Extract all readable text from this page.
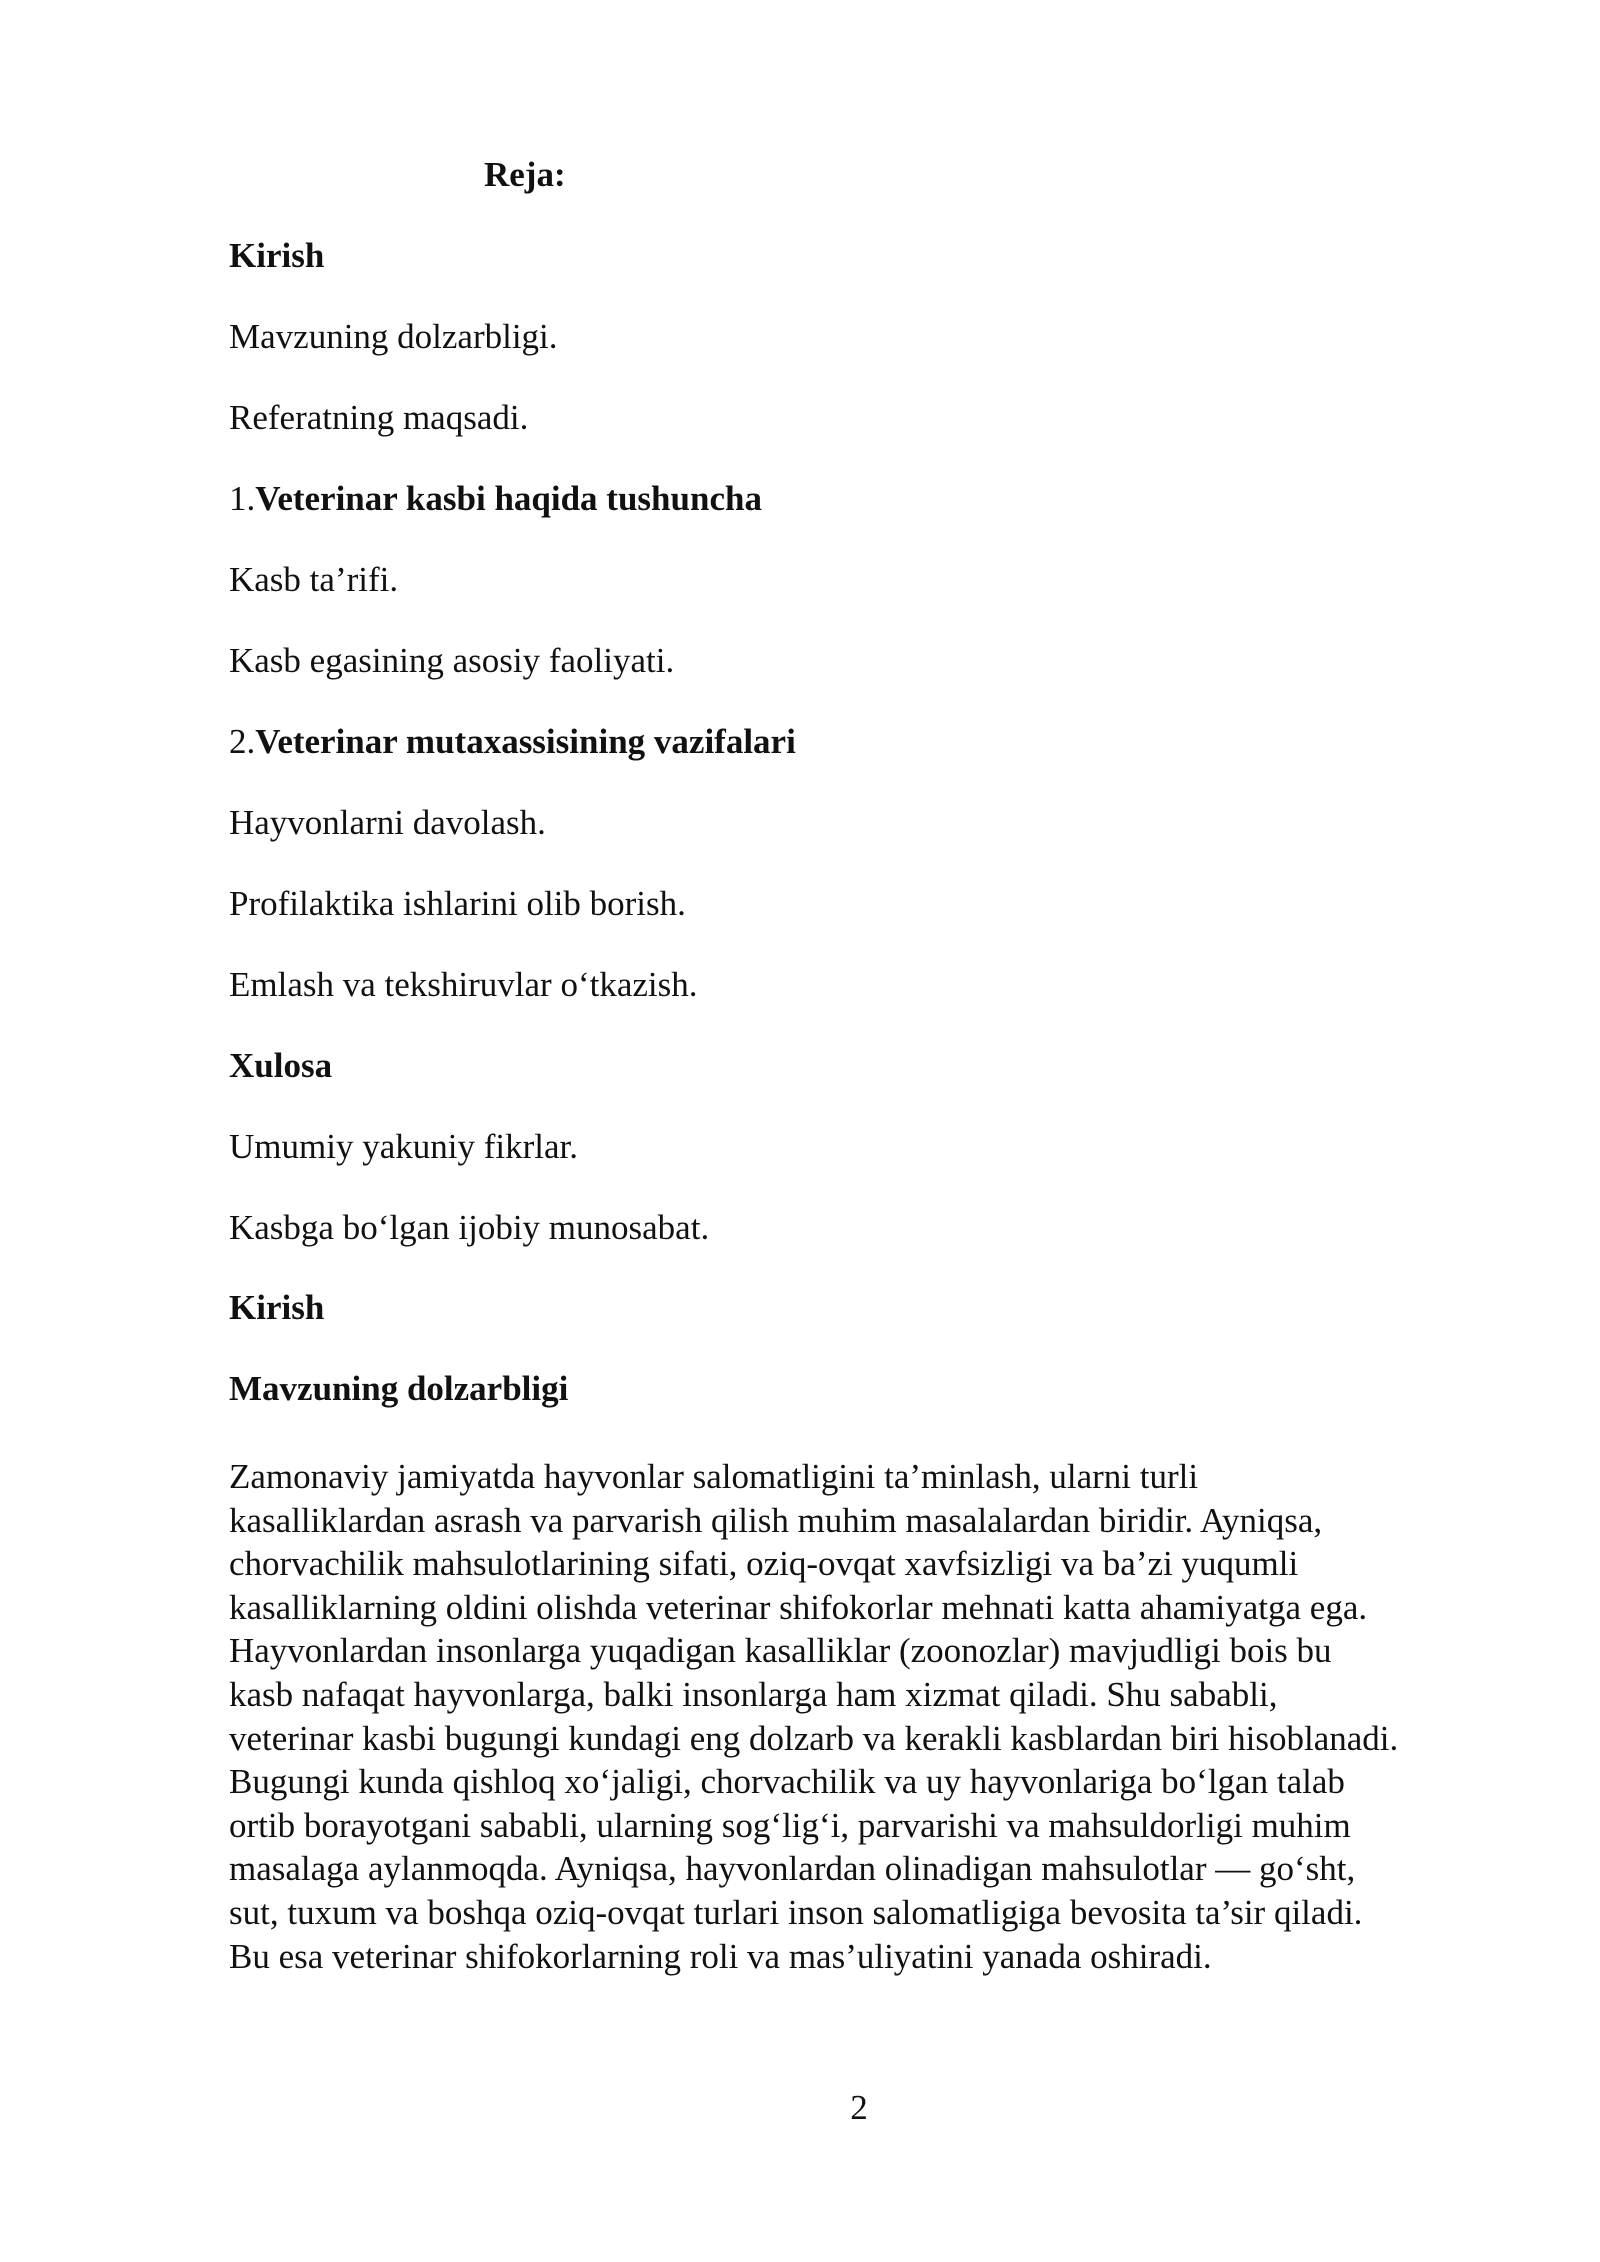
Reja:
Kirish
Mavzuning dolzarbligi.
Referatning maqsadi.
1.Veterinar kasbi haqida tushuncha
Kasb ta’rifi.
Kasb egasining asosiy faoliyati.
2.Veterinar mutaxassisining vazifalari
Hayvonlarni davolash.
Profilaktika ishlarini olib borish.
Emlash va tekshiruvlar o‘tkazish.
Xulosa
Umumiy yakuniy fikrlar.
Kasbga bo‘lgan ijobiy munosabat.
Kirish
Mavzuning dolzarbligi
Zamonaviy jamiyatda hayvonlar salomatligini ta’minlash, ularni turli
kasalliklardan asrash va parvarish qilish muhim masalalardan biridir. Ayniqsa,
chorvachilik mahsulotlarining sifati, oziq-ovqat xavfsizligi va ba’zi yuqumli
kasalliklarning oldini olishda veterinar shifokorlar mehnati katta ahamiyatga ega.
Hayvonlardan insonlarga yuqadigan kasalliklar (zoonozlar) mavjudligi bois bu
kasb nafaqat hayvonlarga, balki insonlarga ham xizmat qiladi. Shu sababli,
veterinar kasbi bugungi kundagi eng dolzarb va kerakli kasblardan biri hisoblanadi.
Bugungi kunda qishloq xo‘jaligi, chorvachilik va uy hayvonlariga bo‘lgan talab
ortib borayotgani sababli, ularning sog‘lig‘i, parvarishi va mahsuldorligi muhim
masalaga aylanmoqda. Ayniqsa, hayvonlardan olinadigan mahsulotlar — go‘sht,
sut, tuxum va boshqa oziq-ovqat turlari inson salomatligiga bevosita ta’sir qiladi.
Bu esa veterinar shifokorlarning roli va mas’uliyatini yanada oshiradi.
2
